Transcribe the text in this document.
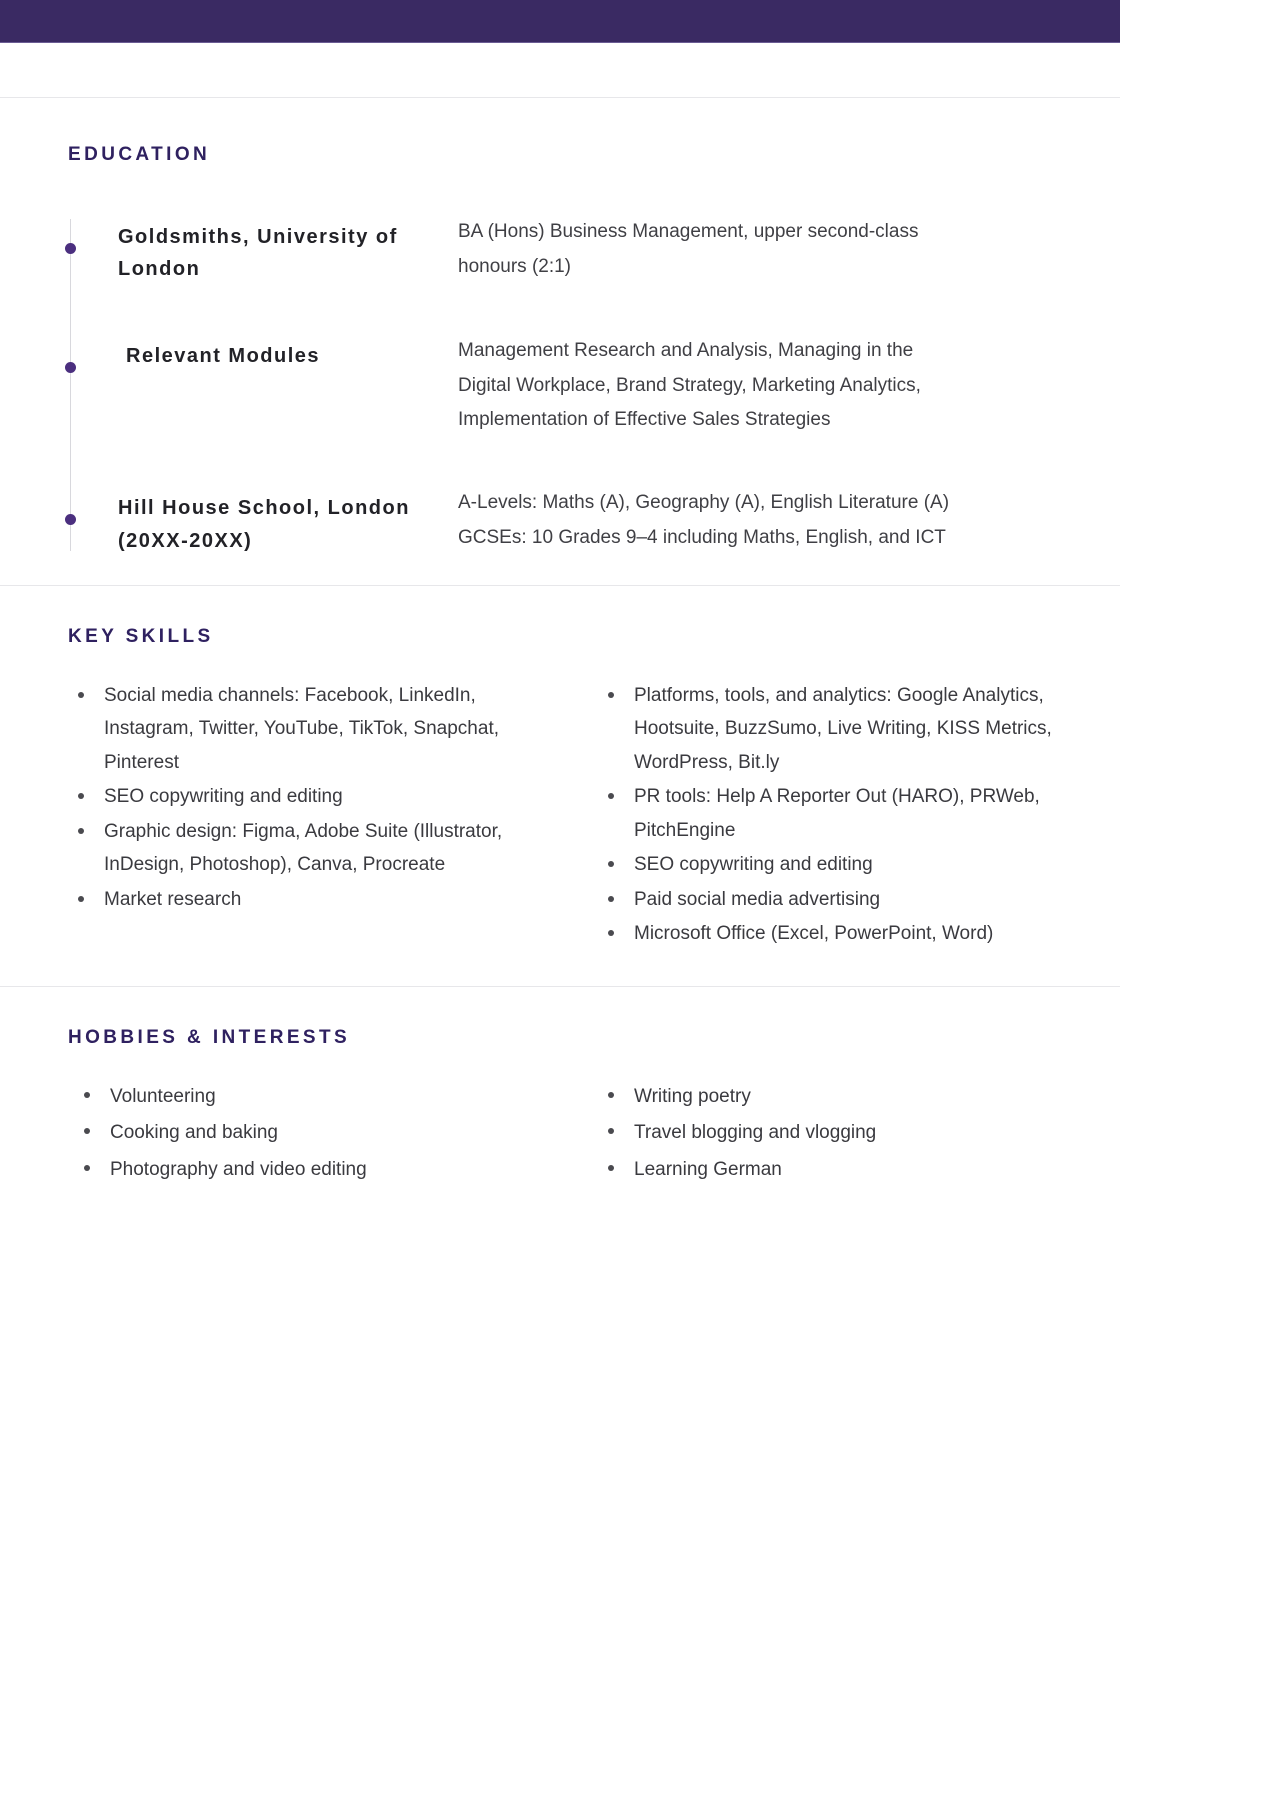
EDUCATION
Goldsmiths, University of London
BA (Hons) Business Management, upper second-class
honours (2:1)
Relevant Modules	Management Research and Analysis, Managing in the
Digital Workplace, Brand Strategy, Marketing Analytics,
Implementation of Effective Sales Strategies
Hill House School, London (20XX-20XX)
A-Levels: Maths (A), Geography (A), English Literature (A)
GCSEs: 10 Grades 9–4 including Maths, English, and ICT
KEY SKILLS
Social media channels: Facebook, LinkedIn, Instagram, Twitter, YouTube, TikTok, Snapchat, Pinterest
SEO copywriting and editing
Graphic design: Figma, Adobe Suite (Illustrator, InDesign, Photoshop), Canva, Procreate
Market research
Platforms, tools, and analytics: Google Analytics, Hootsuite, BuzzSumo, Live Writing, KISS Metrics, WordPress, Bit.ly
PR tools: Help A Reporter Out (HARO), PRWeb, PitchEngine
SEO copywriting and editing
Paid social media advertising
Microsoft Office (Excel, PowerPoint, Word)
HOBBIES & INTERESTS
Volunteering
Cooking and baking
Photography and video editing
Writing poetry
Travel blogging and vlogging
Learning German
